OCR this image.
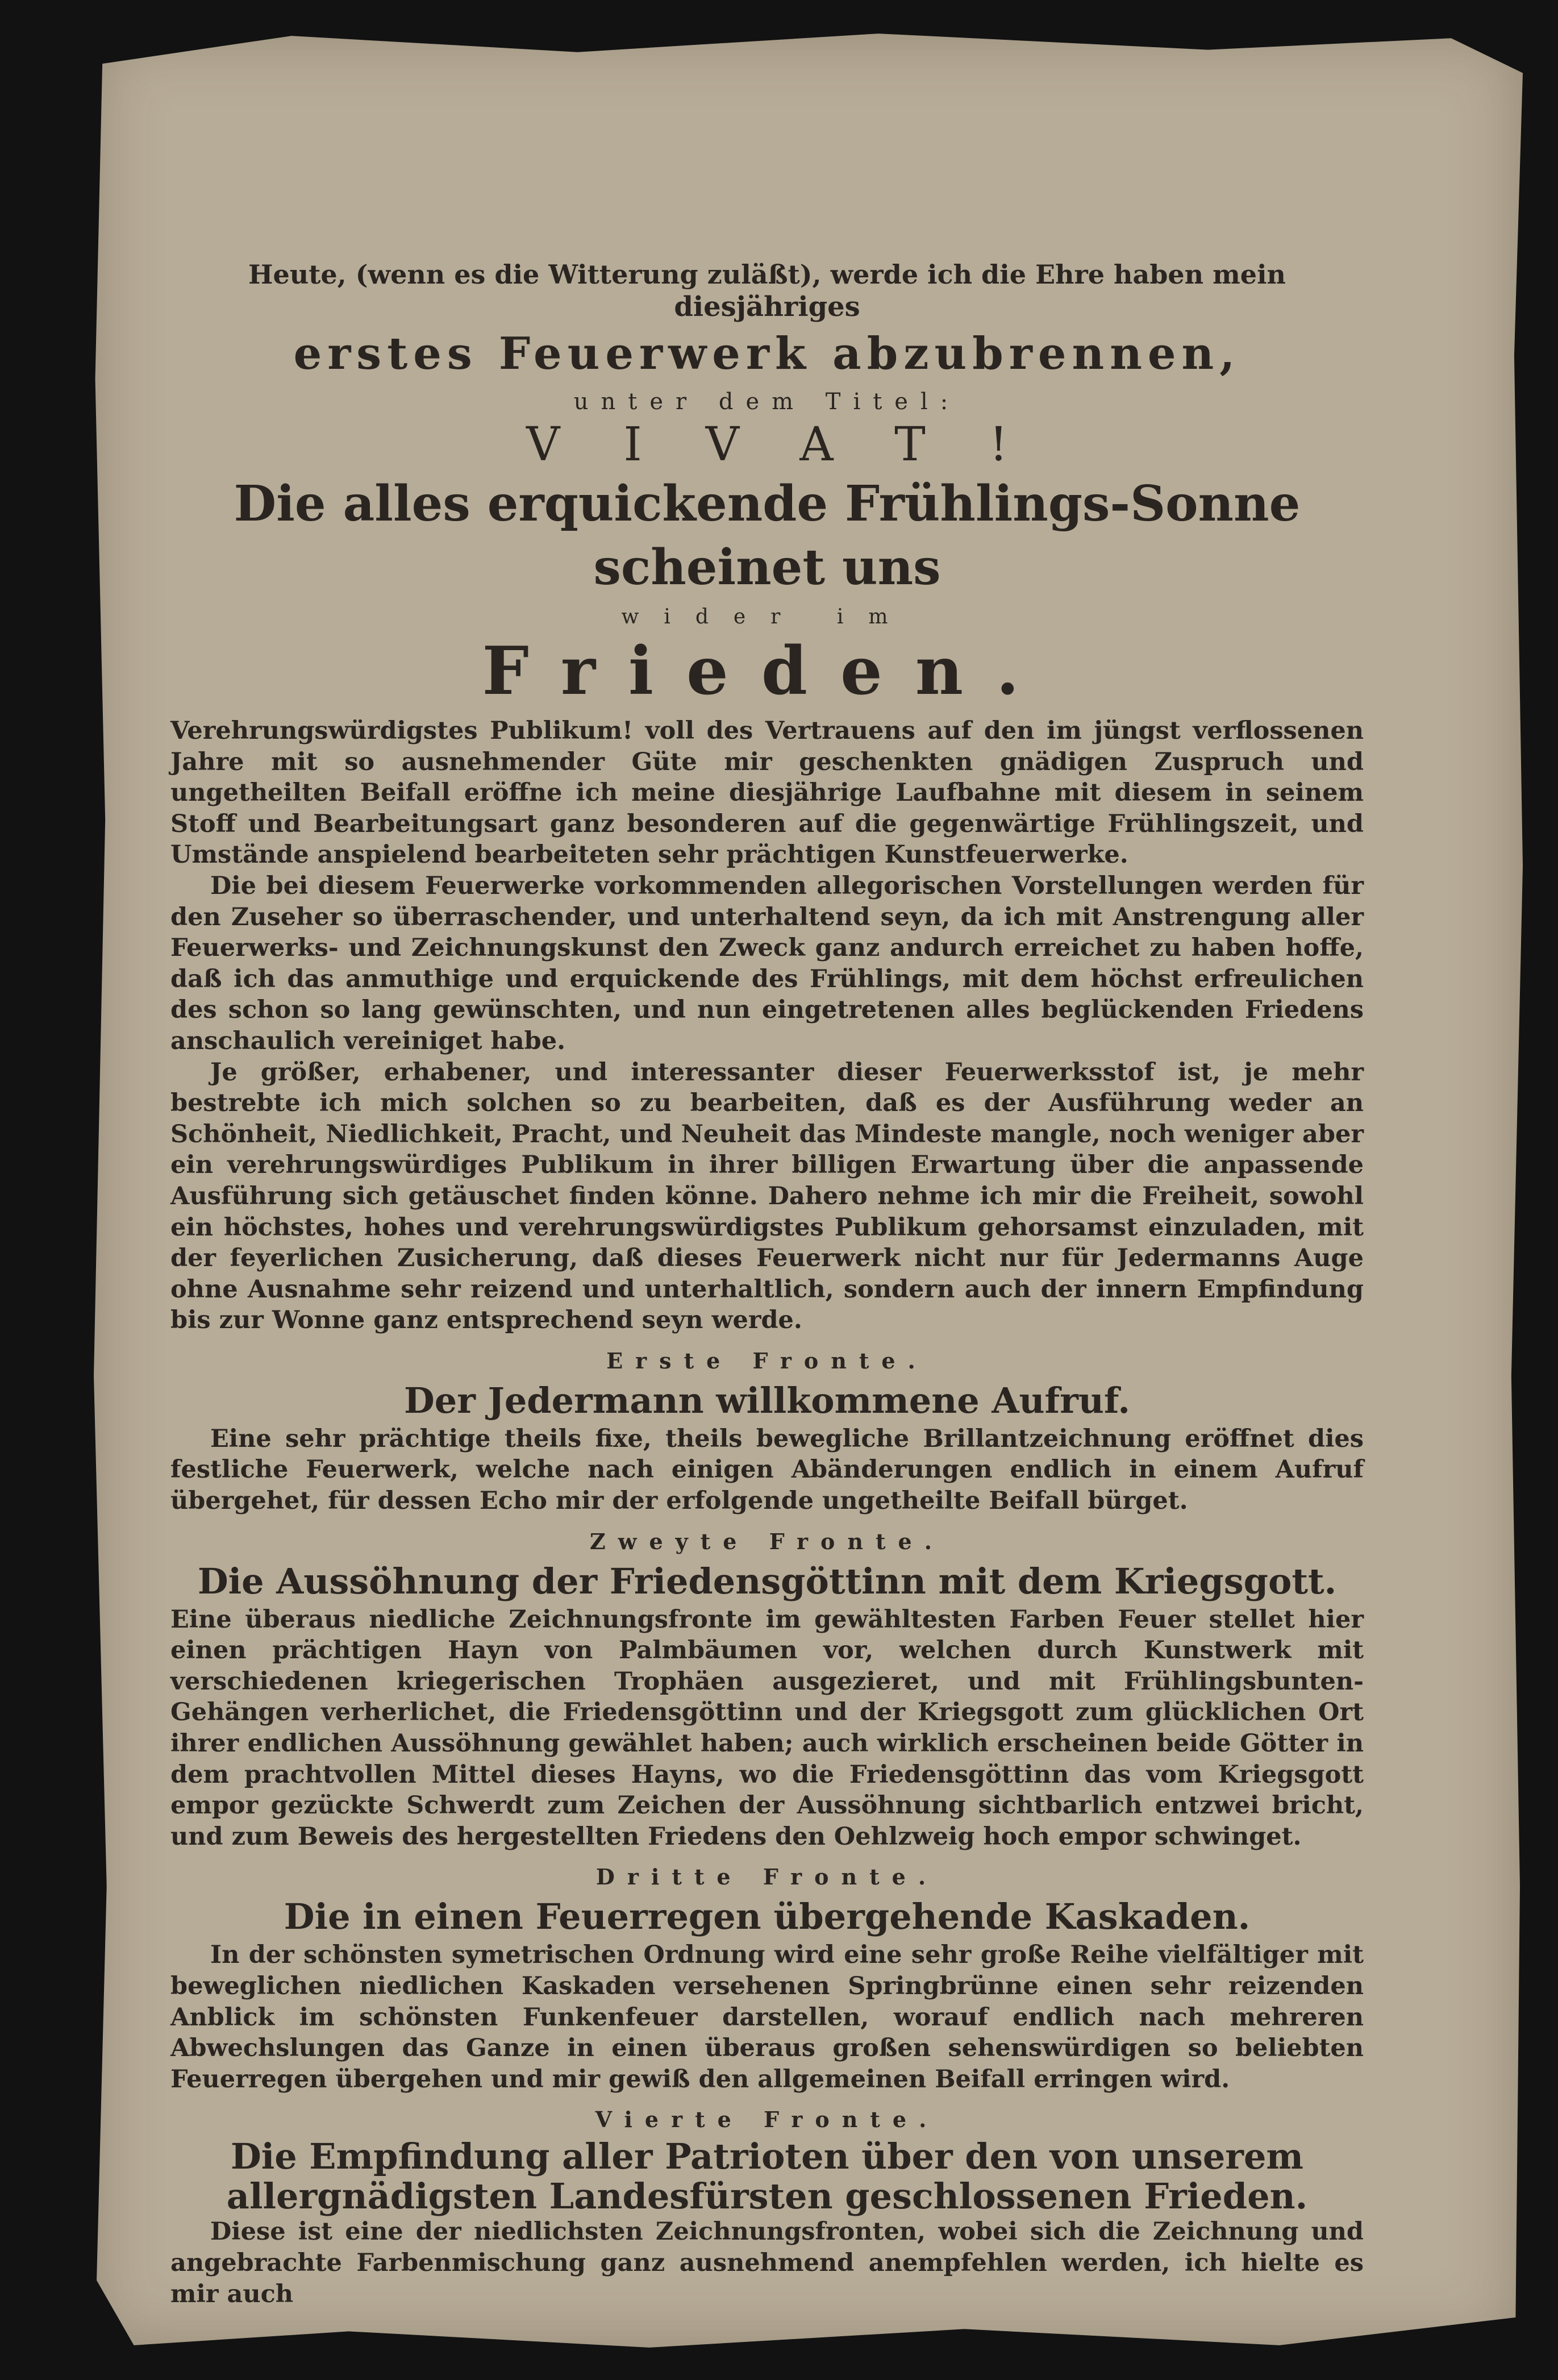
Heute, (wenn es die Witterung zuläßt), werde ich die Ehre haben mein

diesjähriges

erstes Feuerwerk abzubrennen,

unter dem Titel:

VIVAT!

Die alles erquickende Frühlings-Sonne scheinet uns

wider im

Frieden.

Verehrungswürdigstes Publikum! voll des Vertrauens auf den im jüngst verflossenen Jahre mit so ausnehmender Güte mir geschenkten gnädigen Zuspruch und ungetheilten Beifall eröffne ich meine diesjährige Laufbahne mit diesem in seinem Stoff und Bearbeitungsart ganz besonderen auf die gegenwärtige Frühlingszeit, und Umstände anspielend bearbeiteten sehr prächtigen Kunstfeuerwerke.

Die bei diesem Feuerwerke vorkommenden allegorischen Vorstellungen werden für den Zuseher so überraschender, und unterhaltend seyn, da ich mit Anstrengung aller Feuerwerks- und Zeichnungskunst den Zweck ganz andurch erreichet zu haben hoffe, daß ich das anmuthige und erquickende des Frühlings, mit dem höchst erfreulichen des schon so lang gewünschten, und nun eingetretenen alles beglückenden Friedens anschaulich vereiniget habe.

Je größer, erhabener, und interessanter dieser Feuerwerksstof ist, je mehr bestrebte ich mich solchen so zu bearbeiten, daß es der Ausführung weder an Schönheit, Niedlichkeit, Pracht, und Neuheit das Mindeste mangle, noch weniger aber ein verehrungswürdiges Publikum in ihrer billigen Erwartung über die anpassende Ausführung sich getäuschet finden könne. Dahero nehme ich mir die Freiheit, sowohl ein höchstes, hohes und verehrungswürdigstes Publikum gehorsamst einzuladen, mit der feyerlichen Zusicherung, daß dieses Feuerwerk nicht nur für Jedermanns Auge ohne Ausnahme sehr reizend und unterhaltlich, sondern auch der innern Empfindung bis zur Wonne ganz entsprechend seyn werde.

Erste Fronte.

Der Jedermann willkommene Aufruf.

Eine sehr prächtige theils fixe, theils bewegliche Brillantzeichnung eröffnet dies festliche Feuerwerk, welche nach einigen Abänderungen endlich in einem Aufruf übergehet, für dessen Echo mir der erfolgende ungetheilte Beifall bürget.

Zweyte Fronte.

Die Aussöhnung der Friedensgöttinn mit dem Kriegsgott.

Eine überaus niedliche Zeichnungsfronte im gewähltesten Farben Feuer stellet hier einen prächtigen Hayn von Palmbäumen vor, welchen durch Kunstwerk mit verschiedenen kriegerischen Trophäen ausgezieret, und mit Frühlingsbunten-Gehängen verherlichet, die Friedensgöttinn und der Kriegsgott zum glücklichen Ort ihrer endlichen Aussöhnung gewählet haben; auch wirklich erscheinen beide Götter in dem prachtvollen Mittel dieses Hayns, wo die Friedensgöttinn das vom Kriegsgott empor gezückte Schwerdt zum Zeichen der Aussöhnung sichtbarlich entzwei bricht, und zum Beweis des hergestellten Friedens den Oehlzweig hoch empor schwinget.

Dritte Fronte.

Die in einen Feuerregen übergehende Kaskaden.

In der schönsten symetrischen Ordnung wird eine sehr große Reihe vielfältiger mit beweglichen niedlichen Kaskaden versehenen Springbrünne einen sehr reizenden Anblick im schönsten Funkenfeuer darstellen, worauf endlich nach mehreren Abwechslungen das Ganze in einen überaus großen sehenswürdigen so beliebten Feuerregen übergehen und mir gewiß den allgemeinen Beifall erringen wird.

Vierte Fronte.

Die Empfindung aller Patrioten über den von unserem allergnädigsten Landesfürsten geschlossenen Frieden.

Diese ist eine der niedlichsten Zeichnungsfronten, wobei sich die Zeichnung und angebrachte Farbenmischung ganz ausnehmend anempfehlen werden, ich hielte es mir auch
